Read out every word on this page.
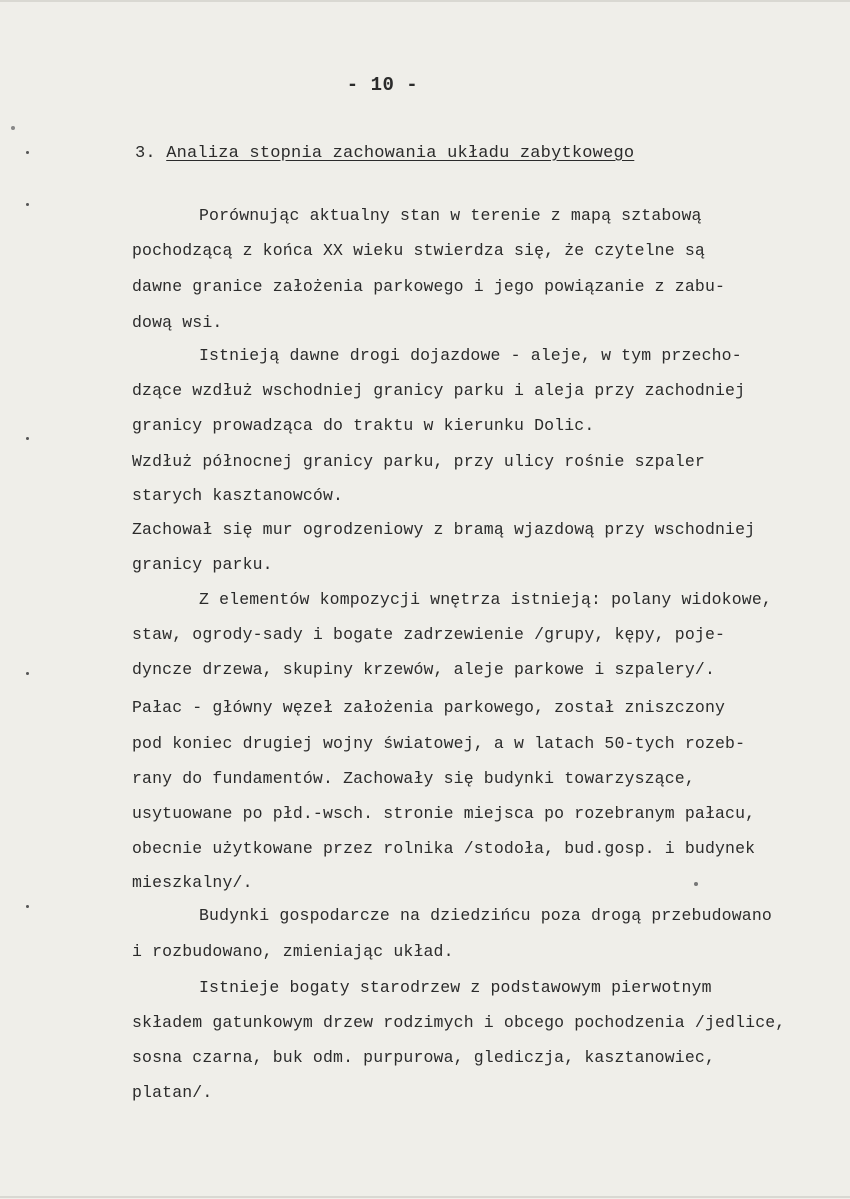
- 10 -
3. Analiza stopnia zachowania układu zabytkowego
Porównując aktualny stan w terenie z mapą sztabową
pochodzącą z końca XX wieku stwierdza się, że czytelne są
dawne granice założenia parkowego i jego powiązanie z zabu-
dową wsi.
Istnieją dawne drogi dojazdowe - aleje, w tym przecho-
dzące wzdłuż wschodniej granicy parku i aleja przy zachodniej
granicy prowadząca do traktu w kierunku Dolic.
Wzdłuż północnej granicy parku, przy ulicy rośnie szpaler
starych kasztanowców.
Zachował się mur ogrodzeniowy z bramą wjazdową przy wschodniej
granicy parku.
Z elementów kompozycji wnętrza istnieją: polany widokowe,
staw, ogrody-sady i bogate zadrzewienie /grupy, kępy, poje-
dyncze drzewa, skupiny krzewów, aleje parkowe i szpalery/.
Pałac - główny węzeł założenia parkowego, został zniszczony
pod koniec drugiej wojny światowej, a w latach 50-tych rozeb-
rany do fundamentów. Zachowały się budynki towarzyszące,
usytuowane po płd.-wsch. stronie miejsca po rozebranym pałacu,
obecnie użytkowane przez rolnika /stodoła, bud.gosp. i budynek
mieszkalny/.
Budynki gospodarcze na dziedzińcu poza drogą przebudowano
i rozbudowano, zmieniając układ.
Istnieje bogaty starodrzew z podstawowym pierwotnym
składem gatunkowym drzew rodzimych i obcego pochodzenia /jedlice,
sosna czarna, buk odm. purpurowa, glediczja, kasztanowiec,
platan/.
